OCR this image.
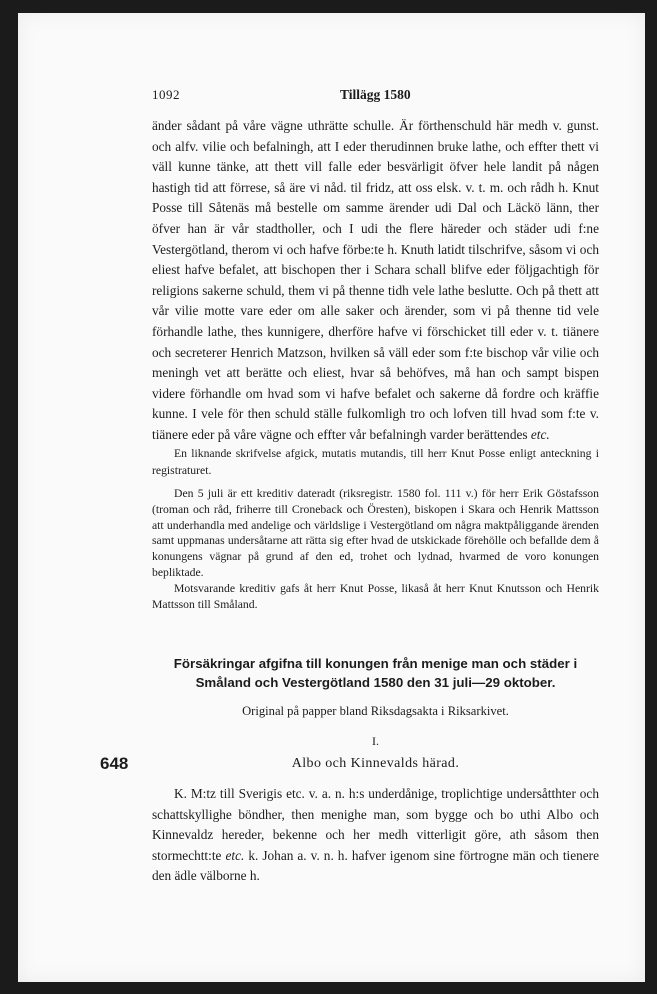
1092	Tillägg 1580
änder sådant på våre vägne uthrätte schulle. Är förthenschuld här medh v. gunst. och alfv. vilie och befalningh, att I eder therudinnen bruke lathe, och effter thett vi väll kunne tänke, att thett vill falle eder besvärligit öfver hele landit på någen hastigh tid att förrese, så äre vi nåd. til fridz, att oss elsk. v. t. m. och rådh h. Knut Posse till Såtenäs må bestelle om samme ärender udi Dal och Läckö länn, ther öfver han är vår stadtholler, och I udi the flere häreder och städer udi f:ne Vestergötland, therom vi och hafve förbe:te h. Knuth latidt tilschrifve, såsom vi och eliest hafve befalet, att bischopen ther i Schara schall blifve eder följgachtigh för religions sakerne schuld, them vi på thenne tidh vele lathe beslutte. Och på thett att vår vilie motte vare eder om alle saker och ärender, som vi på thenne tid vele förhandle lathe, thes kunnigere, dherföre hafve vi förschicket till eder v. t. tiänere och secreterer Henrich Matzson, hvilken så väll eder som f:te bischop vår vilie och meningh vet att berätte och eliest, hvar så behöfves, må han och sampt bispen videre förhandle om hvad som vi hafve befalet och sakerne då fordre och kräffie kunne. I vele för then schuld ställe fulkomligh tro och lofven till hvad som f:te v. tiänere eder på våre vägne och effter vår befalningh varder berättendes etc.
En liknande skrifvelse afgick, mutatis mutandis, till herr Knut Posse enligt anteckning i registraturet.

Den 5 juli är ett kreditiv dateradt (riksregistr. 1580 fol. 111 v.) för herr Erik Göstafsson (troman och råd, friherre till Croneback och Öresten), biskopen i Skara och Henrik Mattsson att underhandla med andelige och världslige i Vestergötland om några maktpåliggande ärenden samt uppmanas undersåtarne att rätta sig efter hvad de utskickade förehölle och befallde dem å konungens vägnar på grund af den ed, trohet och lydnad, hvarmed de voro konungen bepliktade.

Motsvarande kreditiv gafs åt herr Knut Posse, likaså åt herr Knut Knutsson och Henrik Mattsson till Småland.

Försäkringar afgifna till konungen från menige man och städer i Småland och Vestergötland 1580 den 31 juli—29 oktober.
Original på papper bland Riksdagsakta i Riksarkivet.
I.
648	Albo och Kinnevalds härad.
K. M:tz till Sverigis etc. v. a. n. h:s underdånige, troplichtige undersåtthter och schattskyllighe böndher, then menighe man, som bygge och bo uthi Albo och Kinnevaldz hereder, bekenne och her medh vitterligit göre, ath såsom then stormechtt:te etc. k. Johan a. v. n. h. hafver igenom sine förtrogne män och tienere den ädle välborne h.
